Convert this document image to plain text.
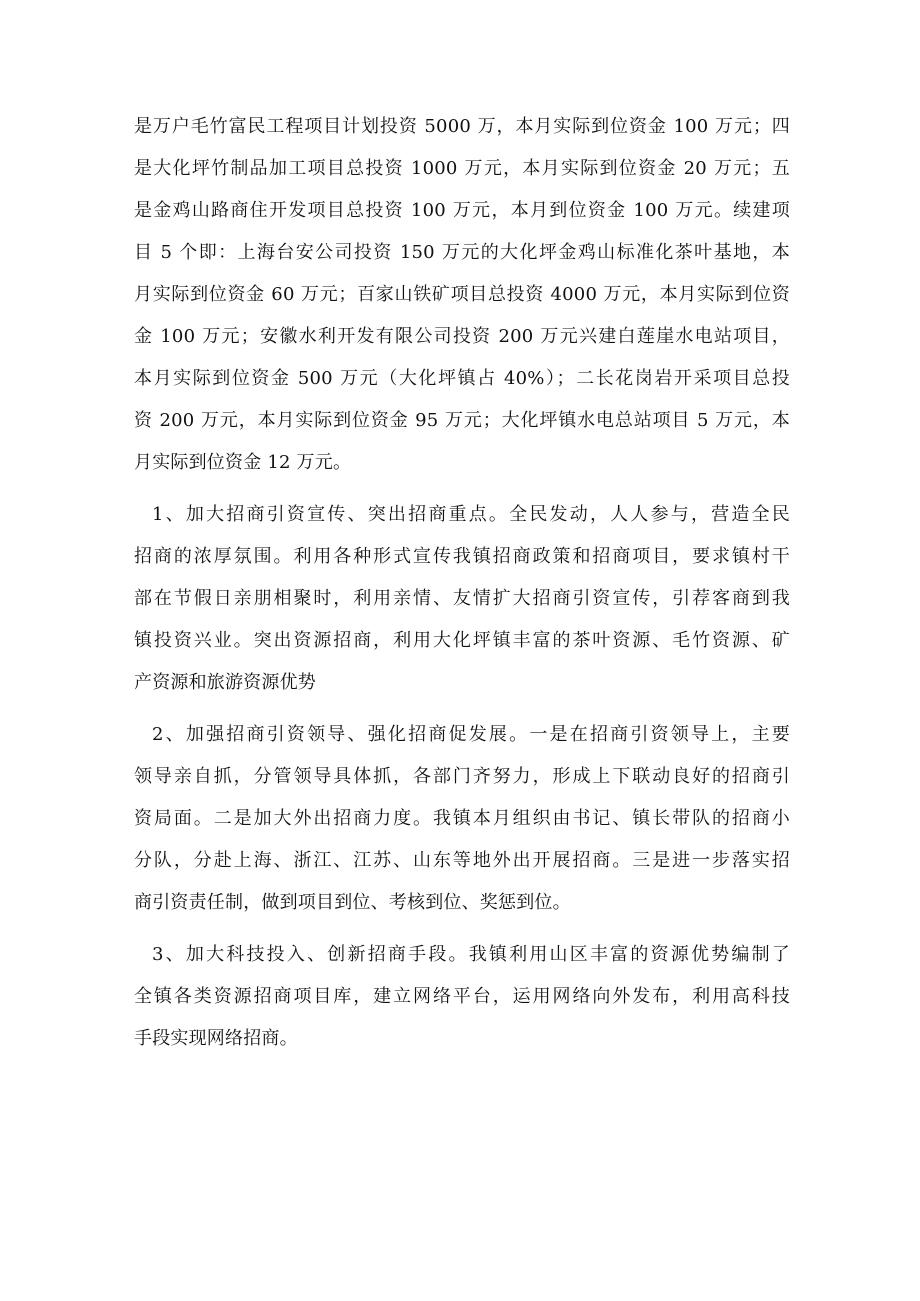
是万户毛竹富民工程项目计划投资 5000 万，本月实际到位资金 100 万元；四
是大化坪竹制品加工项目总投资 1000 万元，本月实际到位资金 20 万元；五
是金鸡山路商住开发项目总投资 100 万元，本月到位资金 100 万元。续建项
目 5 个即：上海台安公司投资 150 万元的大化坪金鸡山标准化茶叶基地，本
月实际到位资金 60 万元；百家山铁矿项目总投资 4000 万元，本月实际到位资
金 100 万元；安徽水利开发有限公司投资 200 万元兴建白莲崖水电站项目，
本月实际到位资金 500 万元（大化坪镇占 40%）；二长花岗岩开采项目总投
资 200 万元，本月实际到位资金 95 万元；大化坪镇水电总站项目 5 万元，本
月实际到位资金 12 万元。
1、加大招商引资宣传、突出招商重点。全民发动，人人参与，营造全民
招商的浓厚氛围。利用各种形式宣传我镇招商政策和招商项目，要求镇村干
部在节假日亲朋相聚时，利用亲情、友情扩大招商引资宣传，引荐客商到我
镇投资兴业。突出资源招商，利用大化坪镇丰富的茶叶资源、毛竹资源、矿
产资源和旅游资源优势
2、加强招商引资领导、强化招商促发展。一是在招商引资领导上，主要
领导亲自抓，分管领导具体抓，各部门齐努力，形成上下联动良好的招商引
资局面。二是加大外出招商力度。我镇本月组织由书记、镇长带队的招商小
分队，分赴上海、浙江、江苏、山东等地外出开展招商。三是进一步落实招
商引资责任制，做到项目到位、考核到位、奖惩到位。
3、加大科技投入、创新招商手段。我镇利用山区丰富的资源优势编制了
全镇各类资源招商项目库，建立网络平台，运用网络向外发布，利用高科技
手段实现网络招商。
